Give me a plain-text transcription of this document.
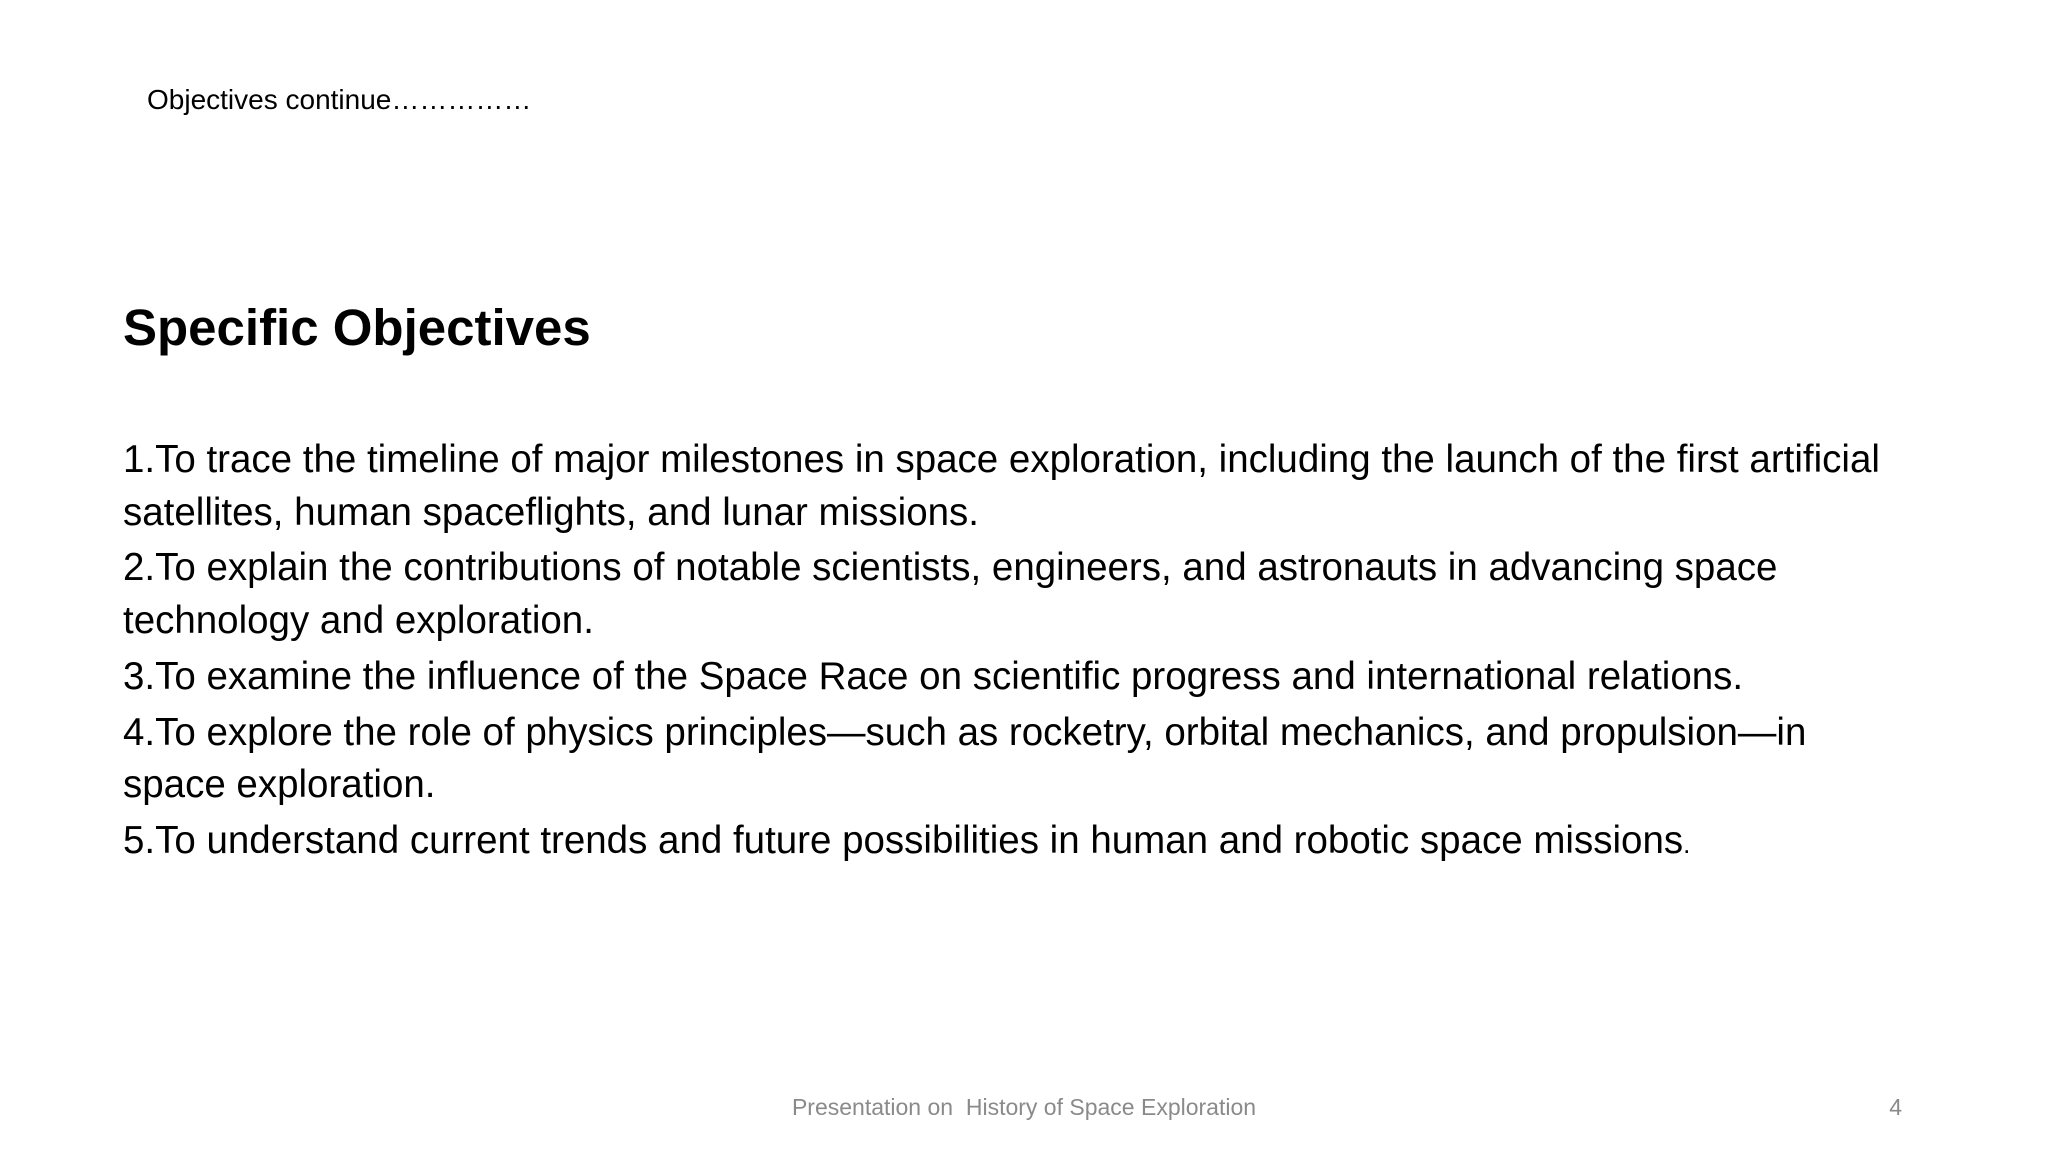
Objectives continue……………
Specific Objectives
1.To trace the timeline of major milestones in space exploration, including the launch of the first artificial satellites, human spaceflights, and lunar missions.
2.To explain the contributions of notable scientists, engineers, and astronauts in advancing space technology and exploration.
3.To examine the influence of the Space Race on scientific progress and international relations.
4.To explore the role of physics principles—such as rocketry, orbital mechanics, and propulsion—in space exploration.
5.To understand current trends and future possibilities in human and robotic space missions.
Presentation on  History of Space Exploration	4
